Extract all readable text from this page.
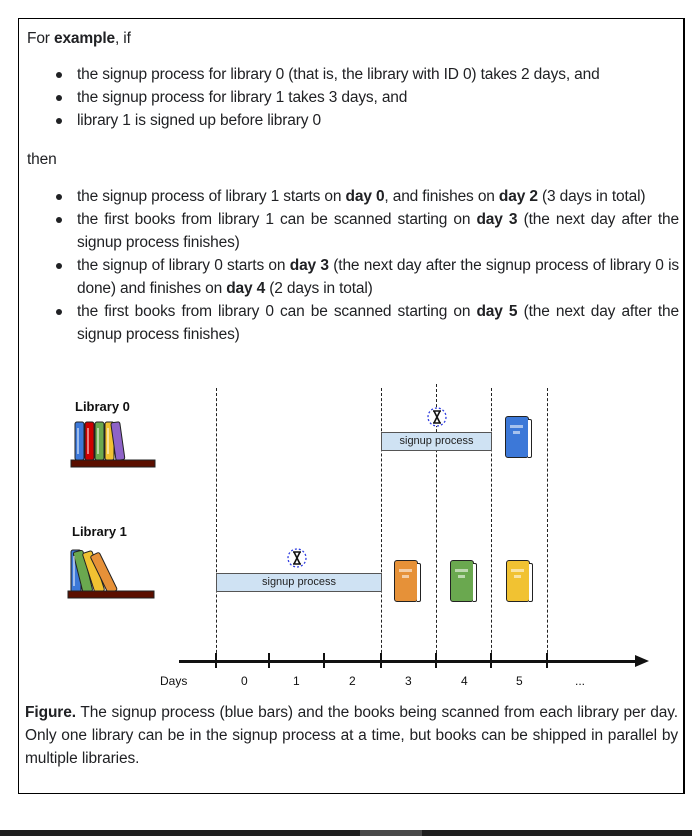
For example, if
the signup process for library 0 (that is, the library with ID 0) takes 2 days, and
the signup process for library 1 takes 3 days, and
library 1 is signed up before library 0
then
the signup process of library 1 starts on day 0, and finishes on day 2 (3 days in total)
the first books from library 1 can be scanned starting on day 3 (the next day after the signup process finishes)
the signup of library 0 starts on day 3 (the next day after the signup process of library 0 is done) and finishes on day 4 (2 days in total)
the first books from library 0 can be scanned starting on day 5 (the next day after the signup process finishes)
Library 0
signup process
Library 1
signup process
Days	0	1	2	3	4	5	...
Figure. The signup process (blue bars) and the books being scanned from each library per day. Only one library can be in the signup process at a time, but books can be shipped in parallel by multiple libraries.
